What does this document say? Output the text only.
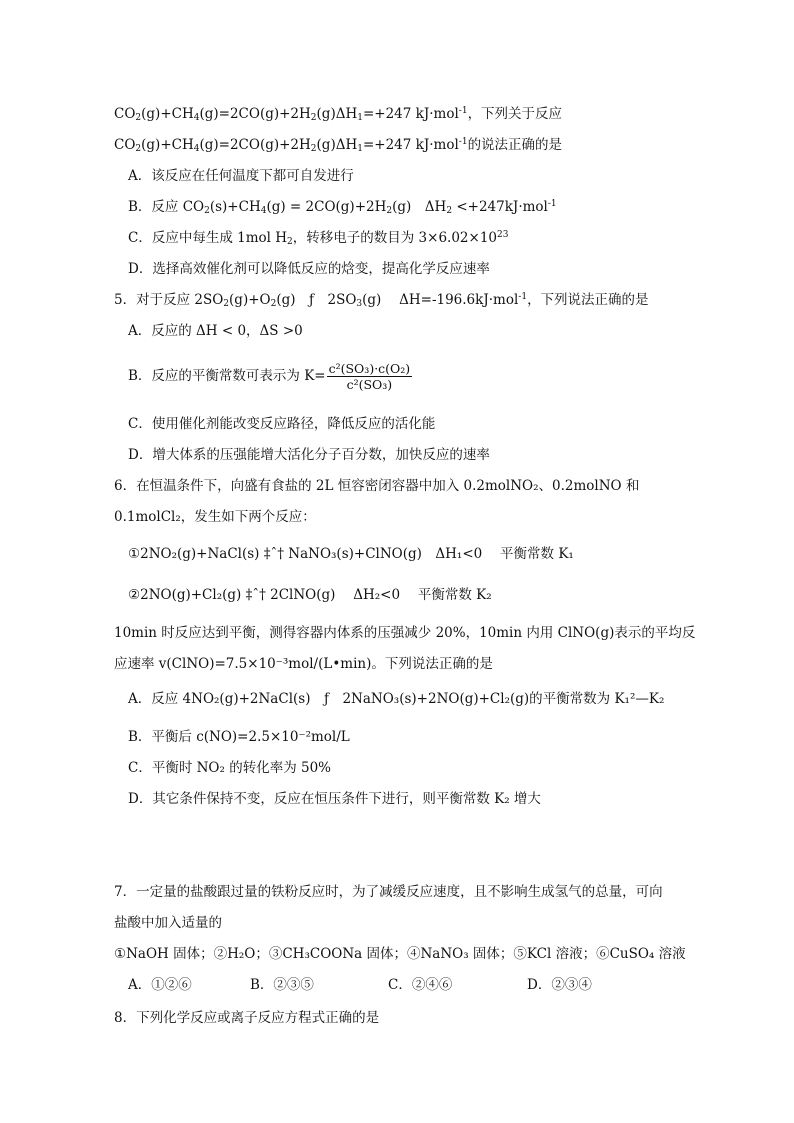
$CO_2(g)+CH_4(g)=2CO(g)+2H_2(g)\Delta H_1=+247$ kJ·mol$^{-1}$，下列关于反应
$CO_2(g)+CH_4(g)=2CO(g)+2H_2(g)\Delta H_1=+247$ kJ·mol$^{-1}$的说法正确的是
A．该反应在任何温度下都可自发进行
B．反应 $CO_2(s)+CH_4(g) = 2CO(g)+2H_2(g)$　$\Delta H_2 <+247kJ\cdot mol^{-1}$
C．反应中每生成 1mol $H_2$，转移电子的数目为 $3\times 6.02\times 10^{23}$
D．选择高效催化剂可以降低反应的焓变，提高化学反应速率
5．对于反应 $2SO_2(g)+O_2(g)$　ƒ　$2SO_3(g)$　 ΔH=-196.6kJ·mol$^{-1}$，下列说法正确的是
A．反应的 ΔH < 0，ΔS >0
B．反应的平衡常数可表示为 $K= \frac{\text{c²(SO₃)·c(O₂)}}{\text{c²(SO₃)}}$
C．使用催化剂能改变反应路径，降低反应的活化能
D．增大体系的压强能增大活化分子百分数，加快反应的速率
6．在恒温条件下，向盛有食盐的 2L 恒容密闭容器中加入 0.2molNO₂、0.2molNO 和
0.1molCl₂，发生如下两个反应：
①2NO₂(g)+NaCl(s) ‡ˆ† NaNO₃(s)+ClNO(g)　ΔH₁<0　 平衡常数 K₁
②2NO(g)+Cl₂(g) ‡ˆ† 2ClNO(g)　 ΔH₂<0　 平衡常数 K₂
10min 时反应达到平衡，测得容器内体系的压强减少 20%，10min 内用 ClNO(g)表示的平均反
应速率 v(ClNO)=7.5×10⁻³mol/(L•min)。下列说法正确的是
A．反应 4NO₂(g)+2NaCl(s)　ƒ　2NaNO₃(s)+2NO(g)+Cl₂(g)的平衡常数为 K₁²—K₂
B．平衡后 c(NO)=2.5×10⁻²mol/L
C．平衡时 NO₂ 的转化率为 50%
D．其它条件保持不变，反应在恒压条件下进行，则平衡常数 K₂ 增大
7．一定量的盐酸跟过量的铁粉反应时，为了减缓反应速度，且不影响生成氢气的总量，可向
盐酸中加入适量的
①NaOH 固体；②H₂O；③CH₃COONa 固体；④NaNO₃ 固体；⑤KCl 溶液；⑥CuSO₄ 溶液
A．①②⑥	B．②③⑤	C．②④⑥	D．②③④
8．下列化学反应或离子反应方程式正确的是
